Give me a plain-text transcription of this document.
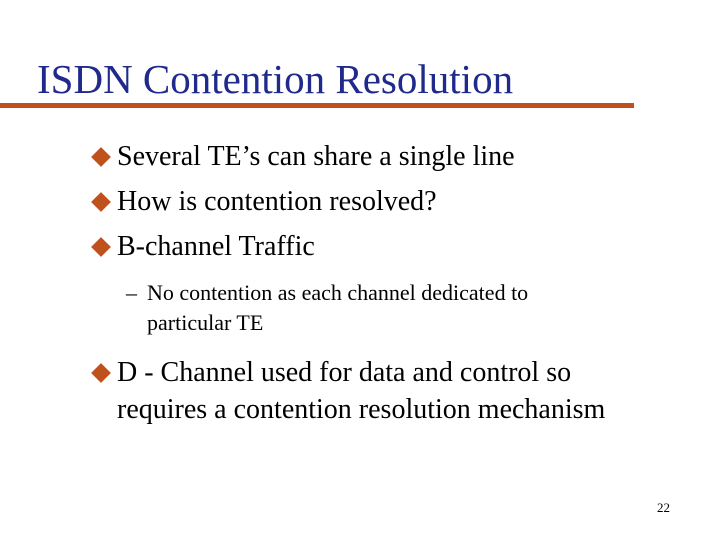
ISDN Contention Resolution
Several TE’s can share a single line
How is contention resolved?
B-channel Traffic
– No contention as each channel dedicated to
particular TE
D - Channel used for data and control so
requires a contention resolution mechanism
22
